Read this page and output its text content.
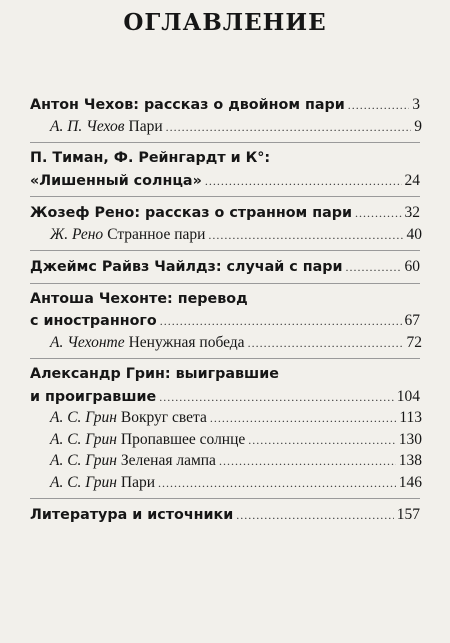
ОГЛАВЛЕНИЕ

Антон Чехов: рассказ о двойном пари .....	3
А. П. Чехов Пари .....	9
П. Тиман, Ф. Рейнгардт и К°:
«Лишенный солнца» .....	24
Жозеф Рено: рассказ о странном пари .....	32
Ж. Рено Странное пари .....	40
Джеймс Райвз Чайлдз: случай с пари .....	60
Антоша Чехонте: перевод
с иностранного .....	67
А. Чехонте Ненужная победа .....	72
Александр Грин: выигравшие
и проигравшие .....	104
А. С. Грин Вокруг света .....	113
А. С. Грин Пропавшее солнце .....	130
А. С. Грин Зеленая лампа .....	138
А. С. Грин Пари .....	146
Литература и источники .....	157
